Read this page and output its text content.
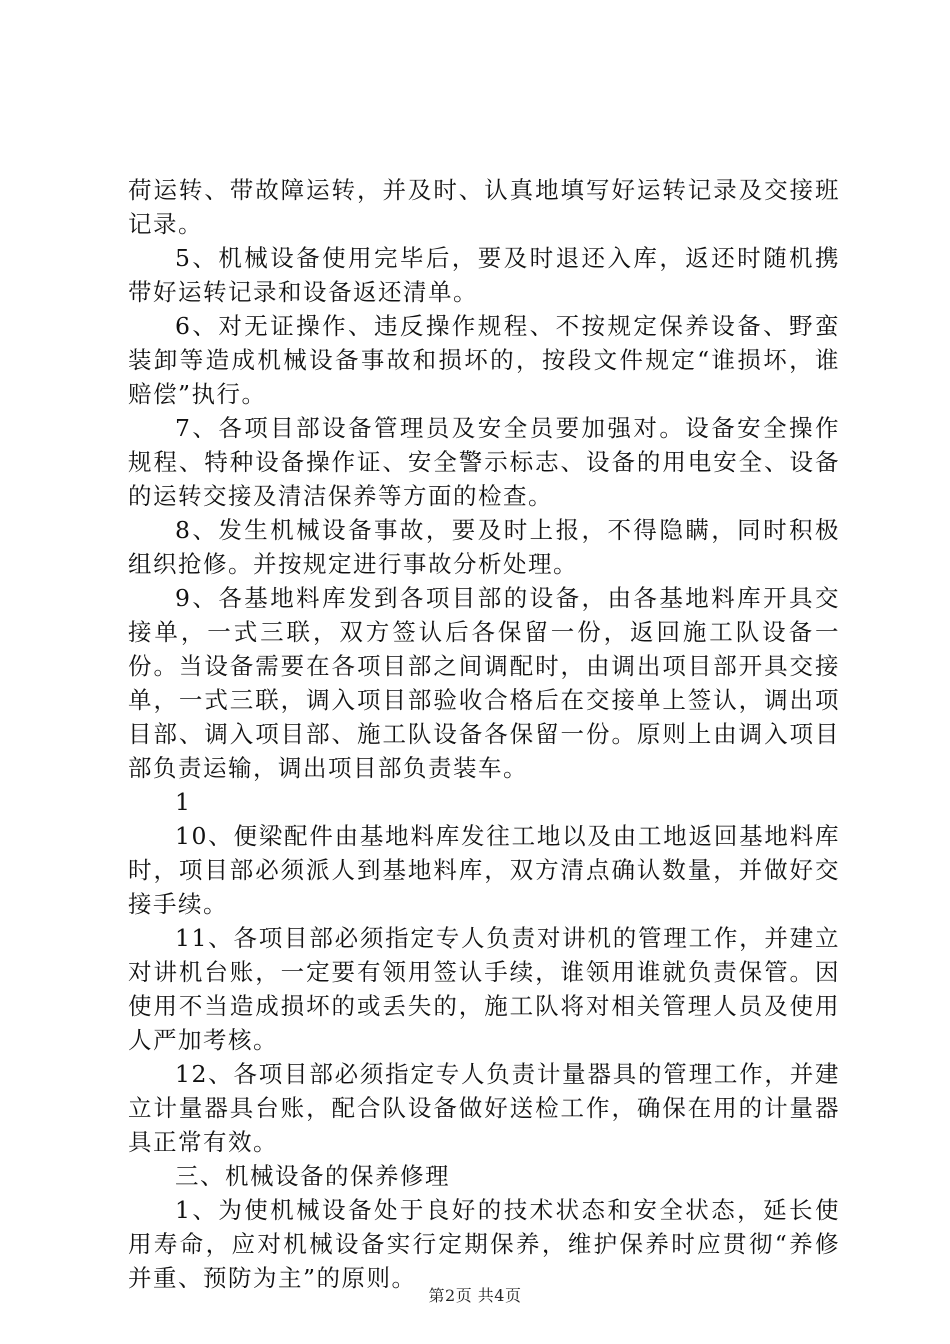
荷运转、带故障运转，并及时、认真地填写好运转记录及交接班记录。

5、机械设备使用完毕后，要及时退还入库，返还时随机携带好运转记录和设备返还清单。

6、对无证操作、违反操作规程、不按规定保养设备、野蛮装卸等造成机械设备事故和损坏的，按段文件规定“谁损坏，谁赔偿”执行。

7、各项目部设备管理员及安全员要加强对。设备安全操作规程、特种设备操作证、安全警示标志、设备的用电安全、设备的运转交接及清洁保养等方面的检查。

8、发生机械设备事故，要及时上报，不得隐瞒，同时积极组织抢修。并按规定进行事故分析处理。

9、各基地料库发到各项目部的设备，由各基地料库开具交接单，一式三联，双方签认后各保留一份，返回施工队设备一份。当设备需要在各项目部之间调配时，由调出项目部开具交接单，一式三联，调入项目部验收合格后在交接单上签认，调出项目部、调入项目部、施工队设备各保留一份。原则上由调入项目部负责运输，调出项目部负责装车。

1

10、便梁配件由基地料库发往工地以及由工地返回基地料库时，项目部必须派人到基地料库，双方清点确认数量，并做好交接手续。

11、各项目部必须指定专人负责对讲机的管理工作，并建立对讲机台账，一定要有领用签认手续，谁领用谁就负责保管。因使用不当造成损坏的或丢失的，施工队将对相关管理人员及使用人严加考核。

12、各项目部必须指定专人负责计量器具的管理工作，并建立计量器具台账，配合队设备做好送检工作，确保在用的计量器具正常有效。

三、机械设备的保养修理

1、为使机械设备处于良好的技术状态和安全状态，延长使用寿命，应对机械设备实行定期保养，维护保养时应贯彻“养修并重、预防为主”的原则。

第2页 共4页
